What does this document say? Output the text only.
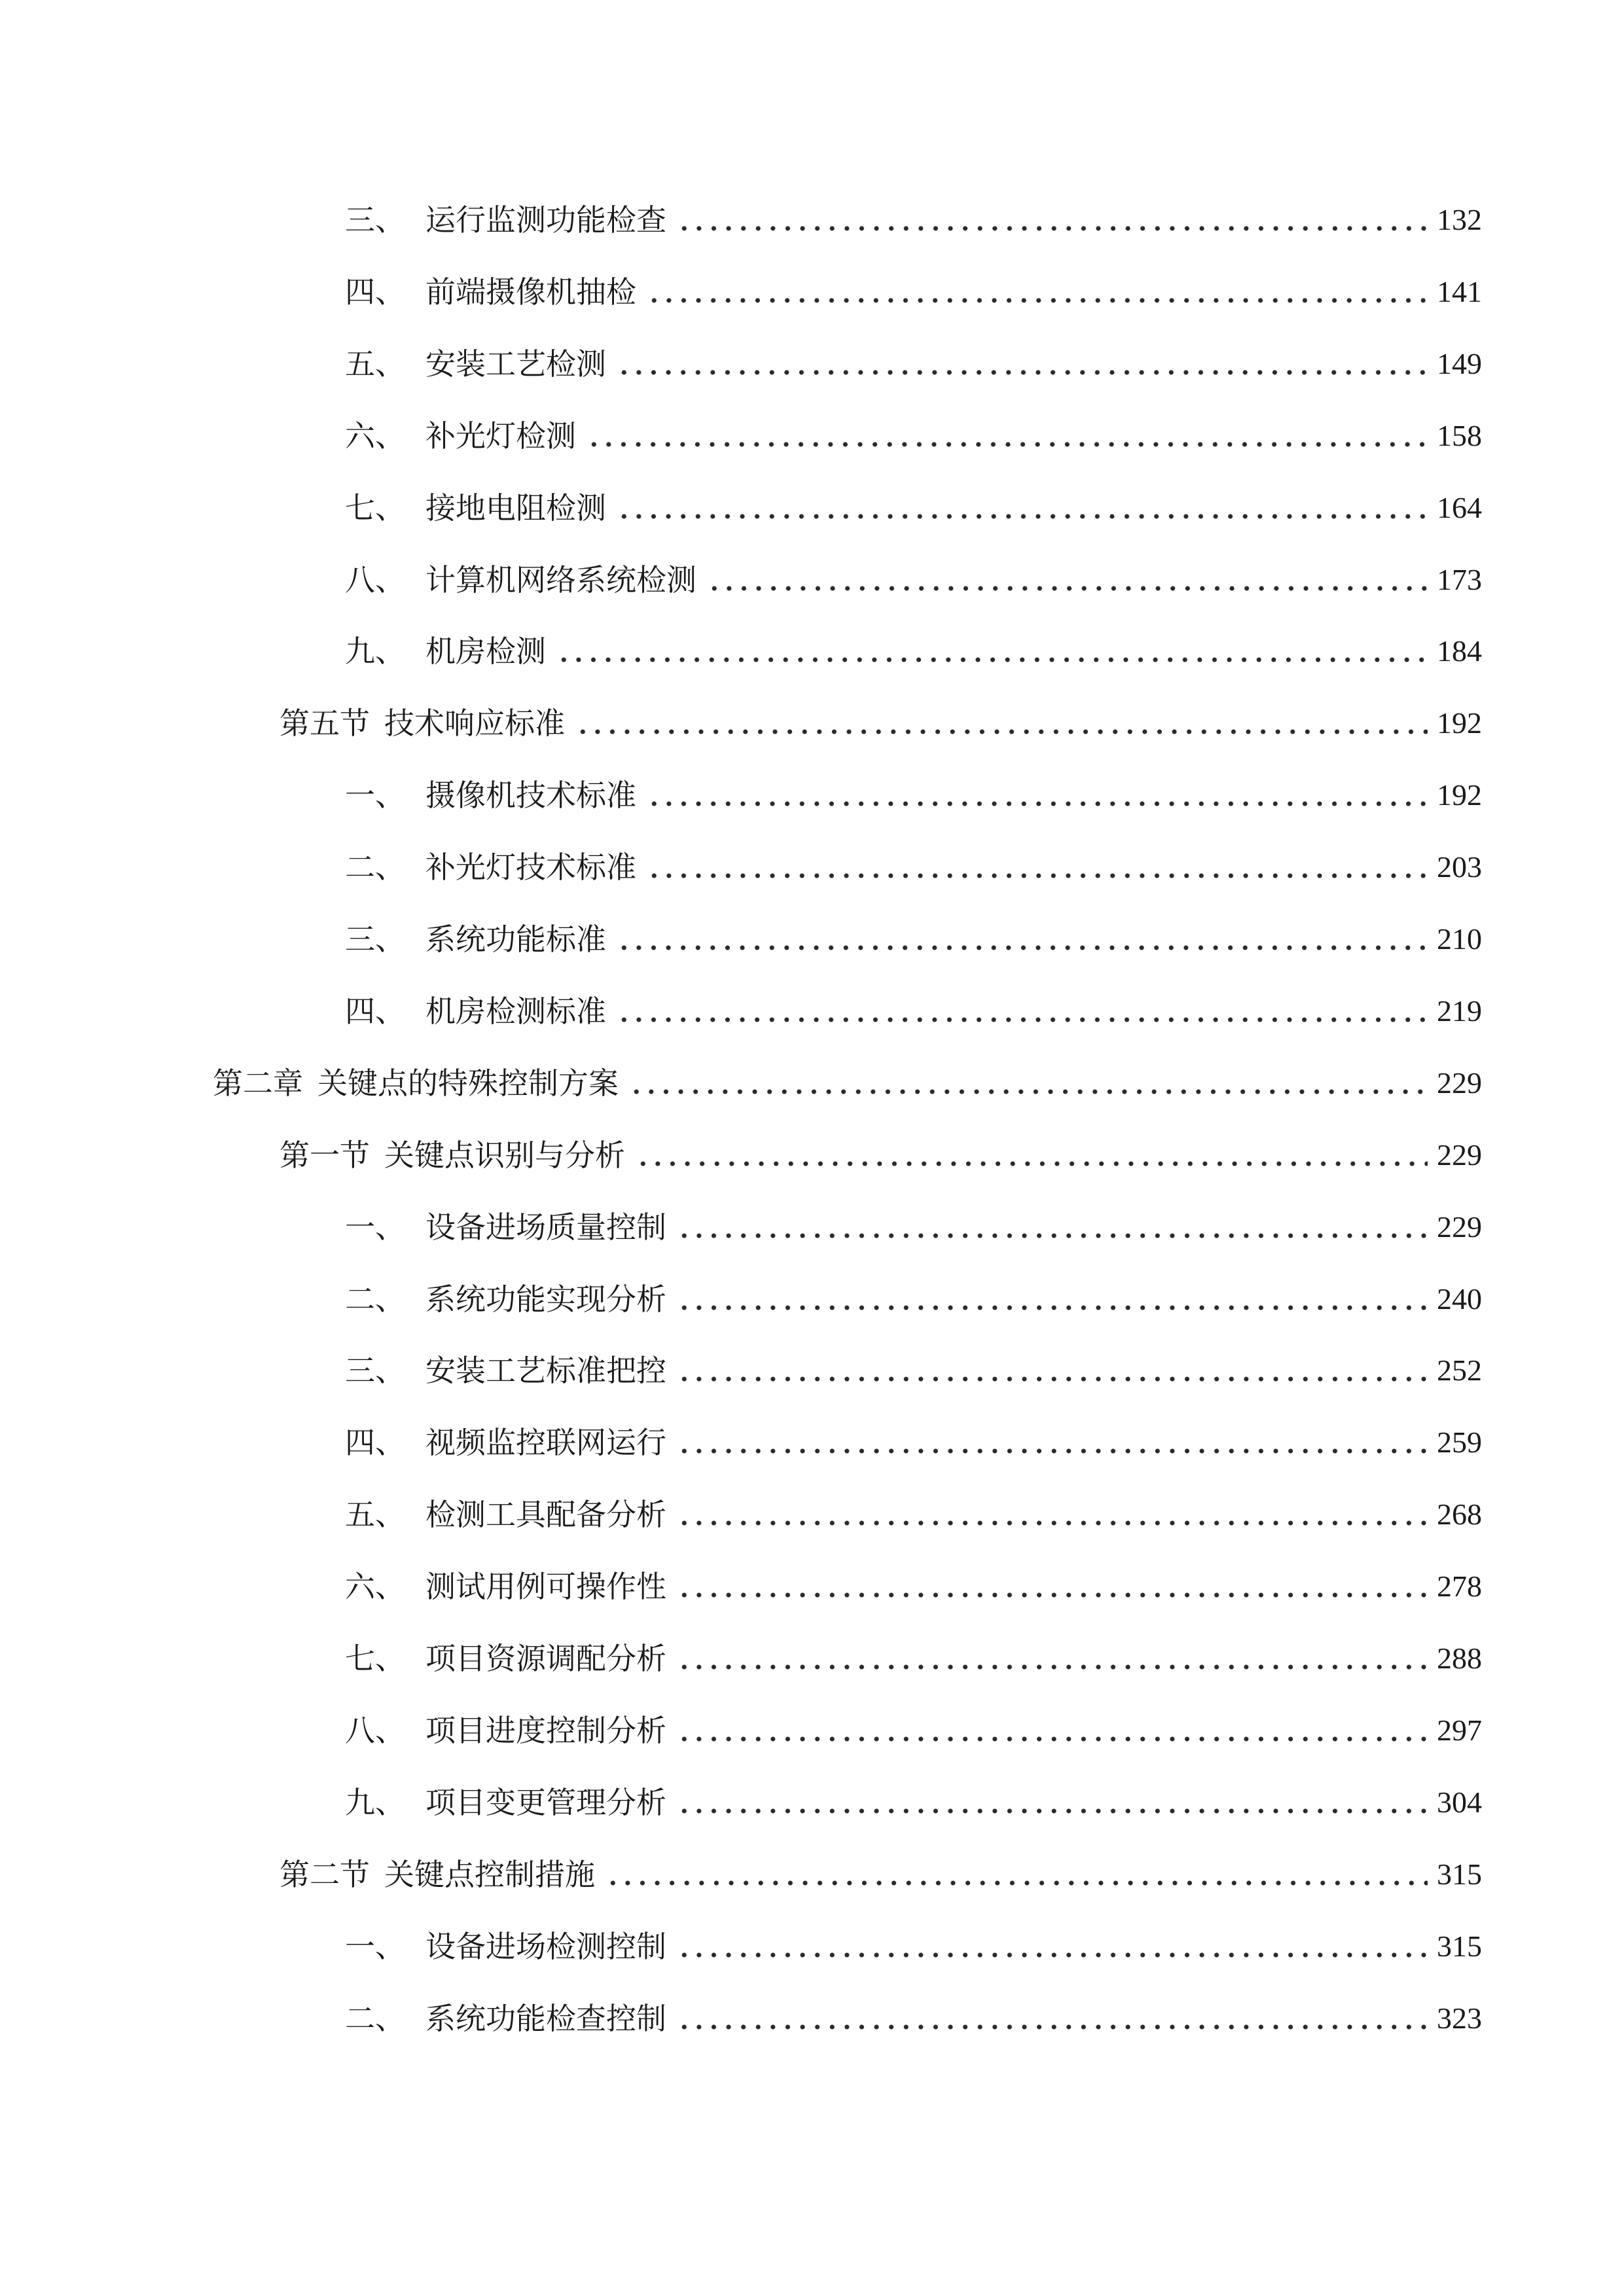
三、 运行监测功能检查	132
四、 前端摄像机抽检	141
五、 安装工艺检测	149
六、 补光灯检测	158
七、 接地电阻检测	164
八、 计算机网络系统检测	173
九、 机房检测	184
第五节 技术响应标准	192
一、 摄像机技术标准	192
二、 补光灯技术标准	203
三、 系统功能标准	210
四、 机房检测标准	219
第二章 关键点的特殊控制方案	229
第一节 关键点识别与分析	229
一、 设备进场质量控制	229
二、 系统功能实现分析	240
三、 安装工艺标准把控	252
四、 视频监控联网运行	259
五、 检测工具配备分析	268
六、 测试用例可操作性	278
七、 项目资源调配分析	288
八、 项目进度控制分析	297
九、 项目变更管理分析	304
第二节 关键点控制措施	315
一、 设备进场检测控制	315
二、 系统功能检查控制	323
